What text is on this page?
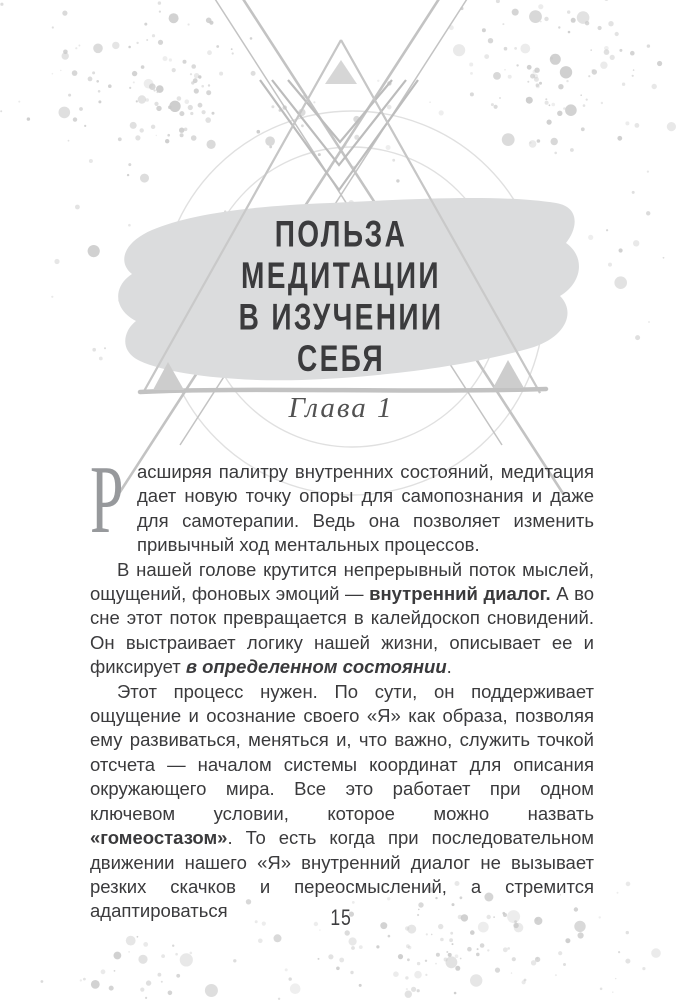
ПОЛЬЗА
МЕДИТАЦИИ
В ИЗУЧЕНИИ
СЕБЯ
Глава 1

Расширяя палитру внутренних состояний, медитация дает новую точку опоры для самопознания и даже для самотерапии. Ведь она позволяет изменить привычный ход ментальных процессов.

В нашей голове крутится непрерывный поток мыслей, ощущений, фоновых эмоций — внутренний диалог. А во сне этот поток превращается в калейдоскоп сновидений. Он выстраивает логику нашей жизни, описывает ее и фиксирует в определенном состоянии.

Этот процесс нужен. По сути, он поддерживает ощущение и осознание своего «Я» как образа, позволяя ему развиваться, меняться и, что важно, служить точкой отсчета — началом системы координат для описания окружающего мира. Все это работает при одном ключевом условии, которое можно назвать «гомеостазом». То есть когда при последовательном движении нашего «Я» внутренний диалог не вызывает резких скачков и переосмыслений, а стремится адаптироваться	15
